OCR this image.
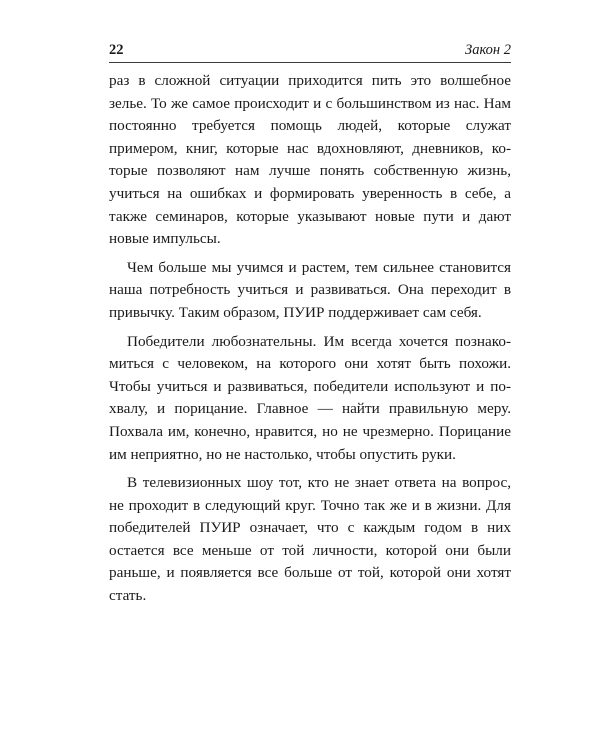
22	Закон 2

раз в сложной ситуации приходится пить это волшебное зелье. То же самое происходит и с большинством из нас. Нам постоянно требуется помощь людей, которые служат примером, книг, которые нас вдохновляют, дневников, которые позволяют нам лучше понять собственную жизнь, учиться на ошибках и формировать уверенность в себе, а также семинаров, которые указывают новые пути и дают новые импульсы.

Чем больше мы учимся и растем, тем сильнее становится наша потребность учиться и развиваться. Она переходит в привычку. Таким образом, ПУИР поддерживает сам себя.

Победители любознательны. Им всегда хочется познакомиться с человеком, на которого они хотят быть похожи. Чтобы учиться и развиваться, победители используют и похвалу, и порицание. Главное — найти правильную меру. Похвала им, конечно, нравится, но не чрезмерно. Порицание им неприятно, но не настолько, чтобы опустить руки.

В телевизионных шоу тот, кто не знает ответа на вопрос, не проходит в следующий круг. Точно так же и в жизни. Для победителей ПУИР означает, что с каждым годом в них остается все меньше от той личности, которой они были раньше, и появляется все больше от той, которой они хотят стать.
